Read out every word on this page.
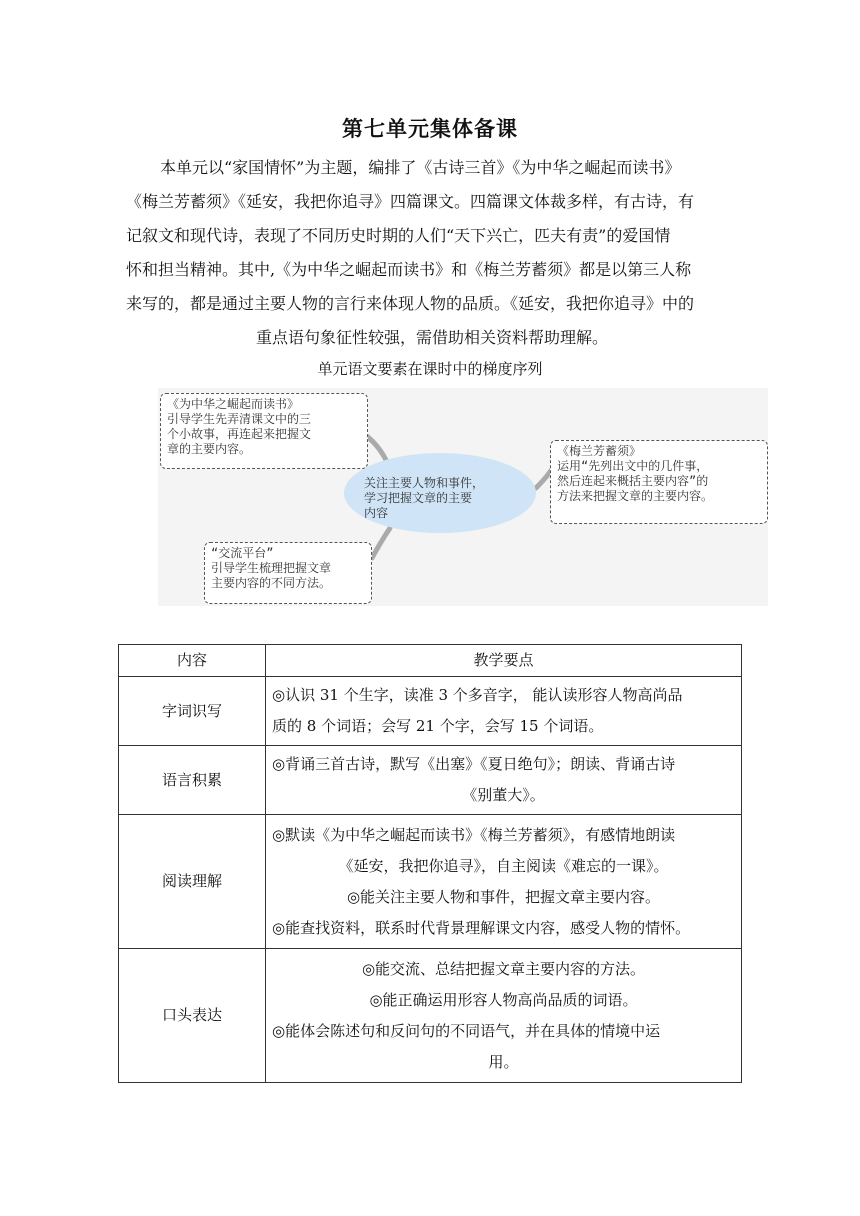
第七单元集体备课

本单元以“家国情怀”为主题，编排了《古诗三首》《为中华之崛起而读书》

《梅兰芳蓄须》《延安，我把你追寻》四篇课文。四篇课文体裁多样，有古诗，有

记叙文和现代诗，表现了不同历史时期的人们“天下兴亡，匹夫有责”的爱国情

怀和担当精神。其中,《为中华之崛起而读书》和《梅兰芳蓄须》都是以第三人称

来写的，都是通过主要人物的言行来体现人物的品质。《延安，我把你追寻》中的

重点语句象征性较强，需借助相关资料帮助理解。

单元语文要素在课时中的梯度序列
关注主要人物和事件，
学习把握文章的主要
内容
《为中华之崛起而读书》
引导学生先弄清课文中的三
个小故事，再连起来把握文
章的主要内容。	《梅兰芳蓄须》
运用“先列出文中的几件事，
然后连起来概括主要内容”的
方法来把握文章的主要内容。
“交流平台”
引导学生梳理把握文章
主要内容的不同方法。
内容	教学要点
字词识写	◎认识 31 个生字，读准 3 个多音字， 能认读形容人物高尚品
质的 8 个词语；会写 21 个字，会写 15 个词语。

语言积累	◎背诵三首古诗，默写《出塞》《夏日绝句》；朗读、背诵古诗
《别董大》。

阅读理解	◎默读《为中华之崛起而读书》《梅兰芳蓄须》，有感情地朗读
《延安，我把你追寻》，自主阅读《难忘的一课》。
◎能关注主要人物和事件，把握文章主要内容。
◎能查找资料，联系时代背景理解课文内容，感受人物的情怀。

口头表达	◎能交流、总结把握文章主要内容的方法。
◎能正确运用形容人物高尚品质的词语。
◎能体会陈述句和反问句的不同语气，并在具体的情境中运
用。
